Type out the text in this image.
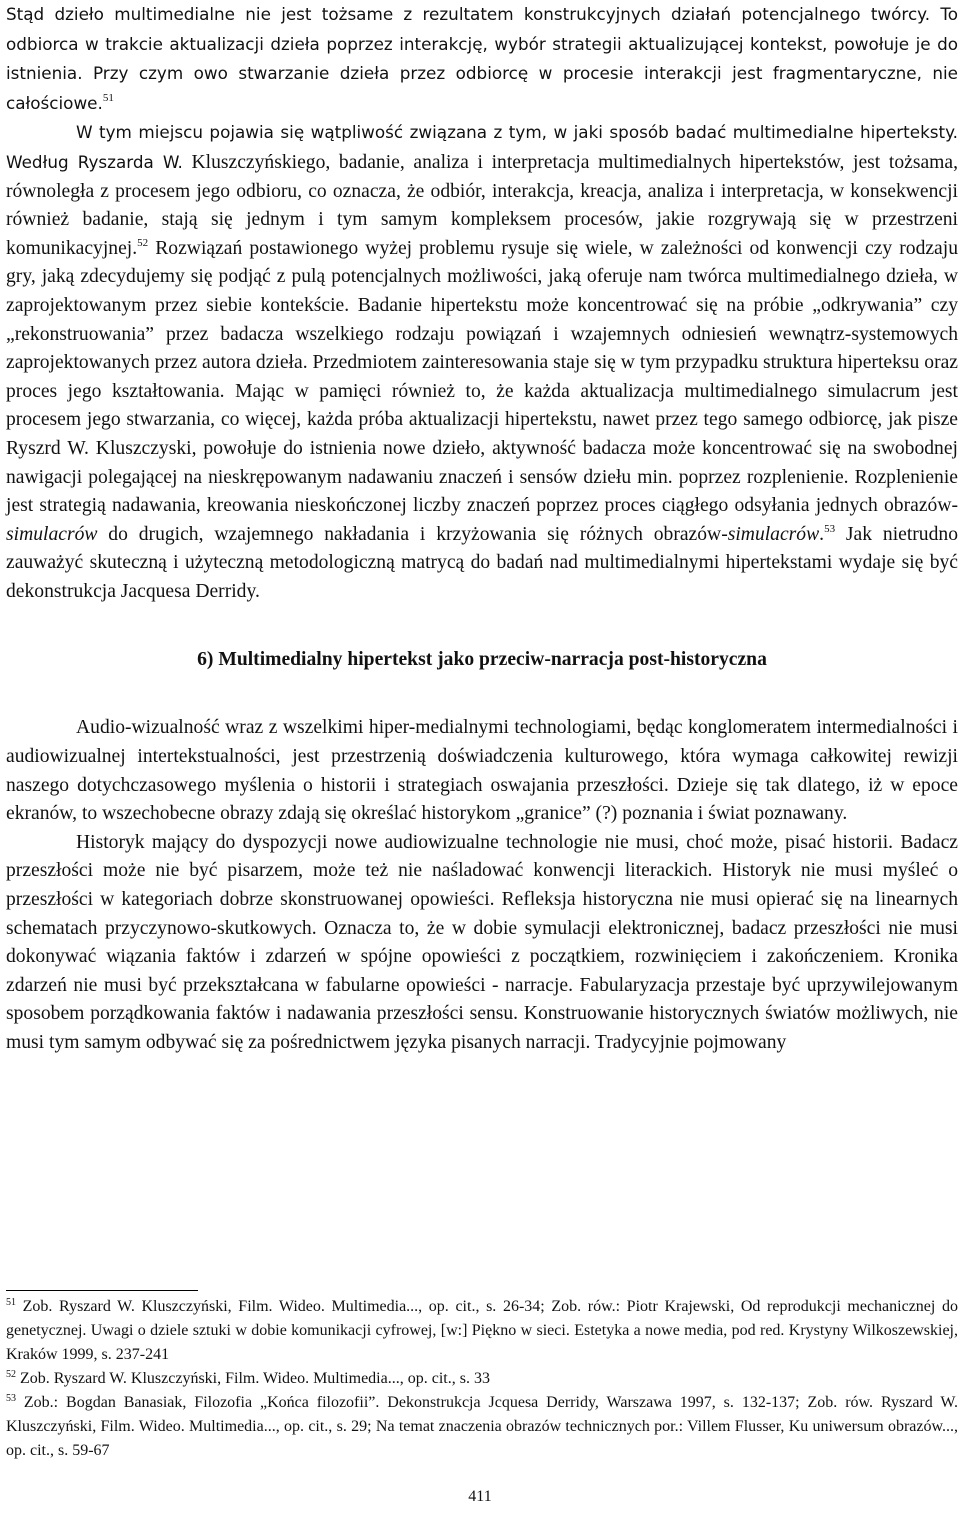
Stąd dzieło multimedialne nie jest tożsame z rezultatem konstrukcyjnych działań potencjalnego twórcy. To odbiorca w trakcie aktualizacji dzieła poprzez interakcję, wybór strategii aktualizującej kontekst, powołuje je do istnienia. Przy czym owo stwarzanie dzieła przez odbiorcę w procesie interakcji jest fragmentaryczne, nie całościowe.$^{51}$

W tym miejscu pojawia się wątpliwość związana z tym, w jaki sposób badać multimedialne hiperteksty. Według Ryszarda W. Kluszczyńskiego, badanie, analiza i interpretacja multimedialnych hipertekstów, jest tożsama, równoległa z procesem jego odbioru, co oznacza, że odbiór, interakcja, kreacja, analiza i interpretacja, w konsekwencji również badanie, stają się jednym i tym samym kompleksem procesów, jakie rozgrywają się w przestrzeni komunikacyjnej.$^{52}$ Rozwiązań postawionego wyżej problemu rysuje się wiele, w zależności od konwencji czy rodzaju gry, jaką zdecydujemy się podjąć z pulą potencjalnych możliwości, jaką oferuje nam twórca multimedialnego dzieła, w zaprojektowanym przez siebie kontekście. Badanie hipertekstu może koncentrować się na próbie „odkrywania” czy „rekonstruowania” przez badacza wszelkiego rodzaju powiązań i wzajemnych odniesień wewnątrz-systemowych zaprojektowanych przez autora dzieła. Przedmiotem zainteresowania staje się w tym przypadku struktura hiperteksu oraz proces jego kształtowania. Mając w pamięci również to, że każda aktualizacja multimedialnego simulacrum jest procesem jego stwarzania, co więcej, każda próba aktualizacji hipertekstu, nawet przez tego samego odbiorcę, jak pisze Ryszrd W. Kluszczyski, powołuje do istnienia nowe dzieło, aktywność badacza może koncentrować się na swobodnej nawigacji polegającej na nieskrępowanym nadawaniu znaczeń i sensów dziełu min. poprzez rozplenienie. Rozplenienie jest strategią nadawania, kreowania nieskończonej liczby znaczeń poprzez proces ciągłego odsyłania jednych obrazów-simulacrów do drugich, wzajemnego nakładania i krzyżowania się różnych obrazów-simulacrów.$^{53}$ Jak nietrudno zauważyć skuteczną i użyteczną metodologiczną matrycą do badań nad multimedialnymi hipertekstami wydaje się być dekonstrukcja Jacquesa Derridy.

6) Multimedialny hipertekst jako przeciw-narracja post-historyczna

Audio-wizualność wraz z wszelkimi hiper-medialnymi technologiami, będąc konglomeratem intermedialności i audiowizualnej intertekstualności, jest przestrzenią doświadczenia kulturowego, która wymaga całkowitej rewizji naszego dotychczasowego myślenia o historii i strategiach oswajania przeszłości. Dzieje się tak dlatego, iż w epoce ekranów, to wszechobecne obrazy zdają się określać historykom „granice” (?) poznania i świat poznawany.

Historyk mający do dyspozycji nowe audiowizualne technologie nie musi, choć może, pisać historii. Badacz przeszłości może nie być pisarzem, może też nie naśladować konwencji literackich. Historyk nie musi myśleć o przeszłości w kategoriach dobrze skonstruowanej opowieści. Refleksja historyczna nie musi opierać się na linearnych schematach przyczynowo-skutkowych. Oznacza to, że w dobie symulacji elektronicznej, badacz przeszłości nie musi dokonywać wiązania faktów i zdarzeń w spójne opowieści z początkiem, rozwinięciem i zakończeniem. Kronika zdarzeń nie musi być przekształcana w fabularne opowieści - narracje. Fabularyzacja przestaje być uprzywilejowanym sposobem porządkowania faktów i nadawania przeszłości sensu. Konstruowanie historycznych światów możliwych, nie musi tym samym odbywać się za pośrednictwem języka pisanych narracji. Tradycyjnie pojmowany

$^{51}$ Zob. Ryszard W. Kluszczyński, Film. Wideo. Multimedia..., op. cit., s. 26-34; Zob. rów.: Piotr Krajewski, Od reprodukcji mechanicznej do genetycznej. Uwagi o dziele sztuki w dobie komunikacji cyfrowej, [w:] Piękno w sieci. Estetyka a nowe media, pod red. Krystyny Wilkoszewskiej, Kraków 1999, s. 237-241

$^{52}$ Zob. Ryszard W. Kluszczyński, Film. Wideo. Multimedia..., op. cit., s. 33

$^{53}$ Zob.: Bogdan Banasiak, Filozofia „Końca filozofii”. Dekonstrukcja Jcquesa Derridy, Warszawa 1997, s. 132-137; Zob. rów. Ryszard W. Kluszczyński, Film. Wideo. Multimedia..., op. cit., s. 29; Na temat znaczenia obrazów technicznych por.: Villem Flusser, Ku uniwersum obrazów..., op. cit., s. 59-67

411
